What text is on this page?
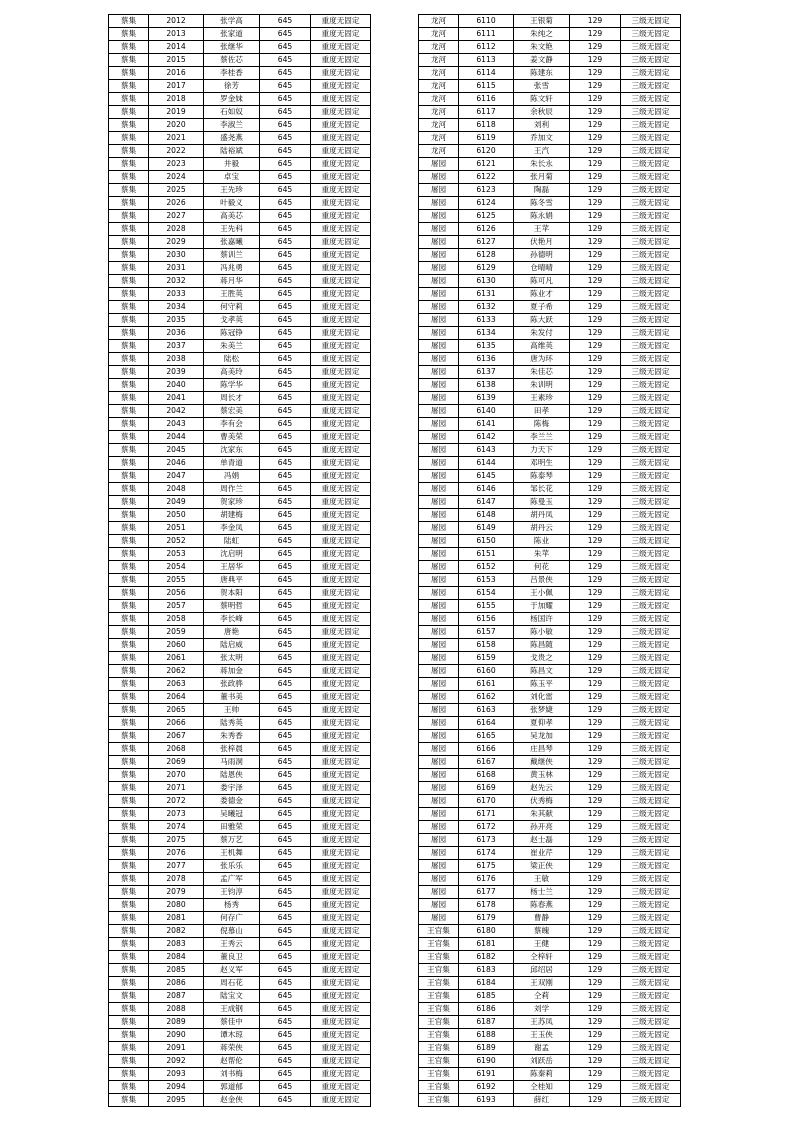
蔡集	2012	张学高	645	重度无固定
蔡集	2013	张家道	645	重度无固定
蔡集	2014	张继华	645	重度无固定
蔡集	2015	蔡佐芯	645	重度无固定
蔡集	2016	李桂香	645	重度无固定
蔡集	2017	徐芳	645	重度无固定
蔡集	2018	罗金妹	645	重度无固定
蔡集	2019	石如奴	645	重度无固定
蔡集	2020	李淑兰	645	重度无固定
蔡集	2021	盛尧燕	645	重度无固定
蔡集	2022	陆裕斌	645	重度无固定
蔡集	2023	井毅	645	重度无固定
蔡集	2024	卓宝	645	重度无固定
蔡集	2025	王先珍	645	重度无固定
蔡集	2026	叶毅义	645	重度无固定
蔡集	2027	高美芯	645	重度无固定
蔡集	2028	王先科	645	重度无固定
蔡集	2029	张嘉曦	645	重度无固定
蔡集	2030	蔡训兰	645	重度无固定
蔡集	2031	冯兆勇	645	重度无固定
蔡集	2032	蒋月华	645	重度无固定
蔡集	2033	王胜英	645	重度无固定
蔡集	2034	何守莉	645	重度无固定
蔡集	2035	戈孝英	645	重度无固定
蔡集	2036	陈冠铮	645	重度无固定
蔡集	2037	朱美兰	645	重度无固定
蔡集	2038	陆松	645	重度无固定
蔡集	2039	高美玲	645	重度无固定
蔡集	2040	陈学华	645	重度无固定
蔡集	2041	周长才	645	重度无固定
蔡集	2042	蔡宏美	645	重度无固定
蔡集	2043	李有会	645	重度无固定
蔡集	2044	曹美荣	645	重度无固定
蔡集	2045	沈家东	645	重度无固定
蔡集	2046	单青道	645	重度无固定
蔡集	2047	冯娟	645	重度无固定
蔡集	2048	周作兰	645	重度无固定
蔡集	2049	贺家珍	645	重度无固定
蔡集	2050	胡建梅	645	重度无固定
蔡集	2051	李金凤	645	重度无固定
蔡集	2052	陆虹	645	重度无固定
蔡集	2053	沈启明	645	重度无固定
蔡集	2054	王居华	645	重度无固定
蔡集	2055	唐典平	645	重度无固定
蔡集	2056	贺本阳	645	重度无固定
蔡集	2057	蔡明哲	645	重度无固定
蔡集	2058	李长峰	645	重度无固定
蔡集	2059	唐艳	645	重度无固定
蔡集	2060	陆启威	645	重度无固定
蔡集	2061	张太明	645	重度无固定
蔡集	2062	蒋加金	645	重度无固定
蔡集	2063	张政骅	645	重度无固定
蔡集	2064	董书美	645	重度无固定
蔡集	2065	王帅	645	重度无固定
蔡集	2066	陆秀英	645	重度无固定
蔡集	2067	朱秀香	645	重度无固定
蔡集	2068	张梓晨	645	重度无固定
蔡集	2069	马雨洞	645	重度无固定
蔡集	2070	陆恩侠	645	重度无固定
蔡集	2071	娄宇泽	645	重度无固定
蔡集	2072	娄德金	645	重度无固定
蔡集	2073	吴曦冠	645	重度无固定
蔡集	2074	田雅荣	645	重度无固定
蔡集	2075	蔡万艺	645	重度无固定
蔡集	2076	王机舞	645	重度无固定
蔡集	2077	张乐乐	645	重度无固定
蔡集	2078	孟广军	645	重度无固定
蔡集	2079	王钧淳	645	重度无固定
蔡集	2080	杨秀	645	重度无固定
蔡集	2081	何存广	645	重度无固定
蔡集	2082	倪慕山	645	重度无固定
蔡集	2083	王秀云	645	重度无固定
蔡集	2084	董良卫	645	重度无固定
蔡集	2085	赵义军	645	重度无固定
蔡集	2086	周石花	645	重度无固定
蔡集	2087	陆宝文	645	重度无固定
蔡集	2088	王成钢	645	重度无固定
蔡集	2089	蔡佳中	645	重度无固定
蔡集	2090	谭木琼	645	重度无固定
蔡集	2091	蒋荣侠	645	重度无固定
蔡集	2092	赵帮伦	645	重度无固定
蔡集	2093	刘书梅	645	重度无固定
蔡集	2094	郭道郁	645	重度无固定
蔡集	2095	赵金侠	645	重度无固定
龙河	6110	王银菊	129	三级无固定
龙河	6111	朱纯之	129	三级无固定
龙河	6112	朱文艳	129	三级无固定
龙河	6113	姜文静	129	三级无固定
龙河	6114	陈建东	129	三级无固定
龙河	6115	张雪	129	三级无固定
龙河	6116	陈文轩	129	三级无固定
龙河	6117	余秋辰	129	三级无固定
龙河	6118	刘利	129	三级无固定
龙河	6119	乔加文	129	三级无固定
龙河	6120	王汽	129	三级无固定
屠园	6121	朱长永	129	三级无固定
屠园	6122	张月菊	129	三级无固定
屠园	6123	陶磊	129	三级无固定
屠园	6124	陈冬雪	129	三级无固定
屠园	6125	陈永娟	129	三级无固定
屠园	6126	王苹	129	三级无固定
屠园	6127	伏艳月	129	三级无固定
屠园	6128	孙德明	129	三级无固定
屠园	6129	仓晴晴	129	三级无固定
屠园	6130	陈可凡	129	三级无固定
屠园	6131	陈业才	129	三级无固定
屠园	6132	夏子希	129	三级无固定
屠园	6133	陈大跃	129	三级无固定
屠园	6134	朱发付	129	三级无固定
屠园	6135	高维英	129	三级无固定
屠园	6136	唐为环	129	三级无固定
屠园	6137	朱佳芯	129	三级无固定
屠园	6138	朱训明	129	三级无固定
屠园	6139	王素珍	129	三级无固定
屠园	6140	田孝	129	三级无固定
屠园	6141	陈梅	129	三级无固定
屠园	6142	李兰兰	129	三级无固定
屠园	6143	力天下	129	三级无固定
屠园	6144	邓明生	129	三级无固定
屠园	6145	陈泰琴	129	三级无固定
屠园	6146	邹长花	129	三级无固定
屠园	6147	陈曼玉	129	三级无固定
屠园	6148	胡丹凤	129	三级无固定
屠园	6149	胡丹云	129	三级无固定
屠园	6150	陈业	129	三级无固定
屠园	6151	朱苹	129	三级无固定
屠园	6152	何花	129	三级无固定
屠园	6153	吕景侠	129	三级无固定
屠园	6154	王小佩	129	三级无固定
屠园	6155	于加耀	129	三级无固定
屠园	6156	杨国许	129	三级无固定
屠园	6157	陈小敏	129	三级无固定
屠园	6158	陈昌随	129	三级无固定
屠园	6159	戈贵之	129	三级无固定
屠园	6160	陈昌文	129	三级无固定
屠园	6161	陈玉平	129	三级无固定
屠园	6162	刘化雷	129	三级无固定
屠园	6163	张梦婕	129	三级无固定
屠园	6164	夏仰孝	129	三级无固定
屠园	6165	吴龙加	129	三级无固定
屠园	6166	庄昌琴	129	三级无固定
屠园	6167	戴继侠	129	三级无固定
屠园	6168	黄玉林	129	三级无固定
屠园	6169	赵先云	129	三级无固定
屠园	6170	伏秀梅	129	三级无固定
屠园	6171	朱其献	129	三级无固定
屠园	6172	孙开亮	129	三级无固定
屠园	6173	赵士磊	129	三级无固定
屠园	6174	崔业芹	129	三级无固定
屠园	6175	梁正侠	129	三级无固定
屠园	6176	王敏	129	三级无固定
屠园	6177	杨士兰	129	三级无固定
屠园	6178	陈春燕	129	三级无固定
屠园	6179	曹静	129	三级无固定
王官集	6180	蔡魄	129	三级无固定
王官集	6181	王健	129	三级无固定
王官集	6182	仝梓轩	129	三级无固定
王官集	6183	邱绍居	129	三级无固定
王官集	6184	王双刚	129	三级无固定
王官集	6185	仝莉	129	三级无固定
王官集	6186	刘学	129	三级无固定
王官集	6187	王苏凤	129	三级无固定
王官集	6188	王玉侠	129	三级无固定
王官集	6189	谢孟	129	三级无固定
王官集	6190	刘跃岳	129	三级无固定
王官集	6191	陈秦莉	129	三级无固定
王官集	6192	仝桂知	129	三级无固定
王官集	6193	薛红	129	三级无固定
